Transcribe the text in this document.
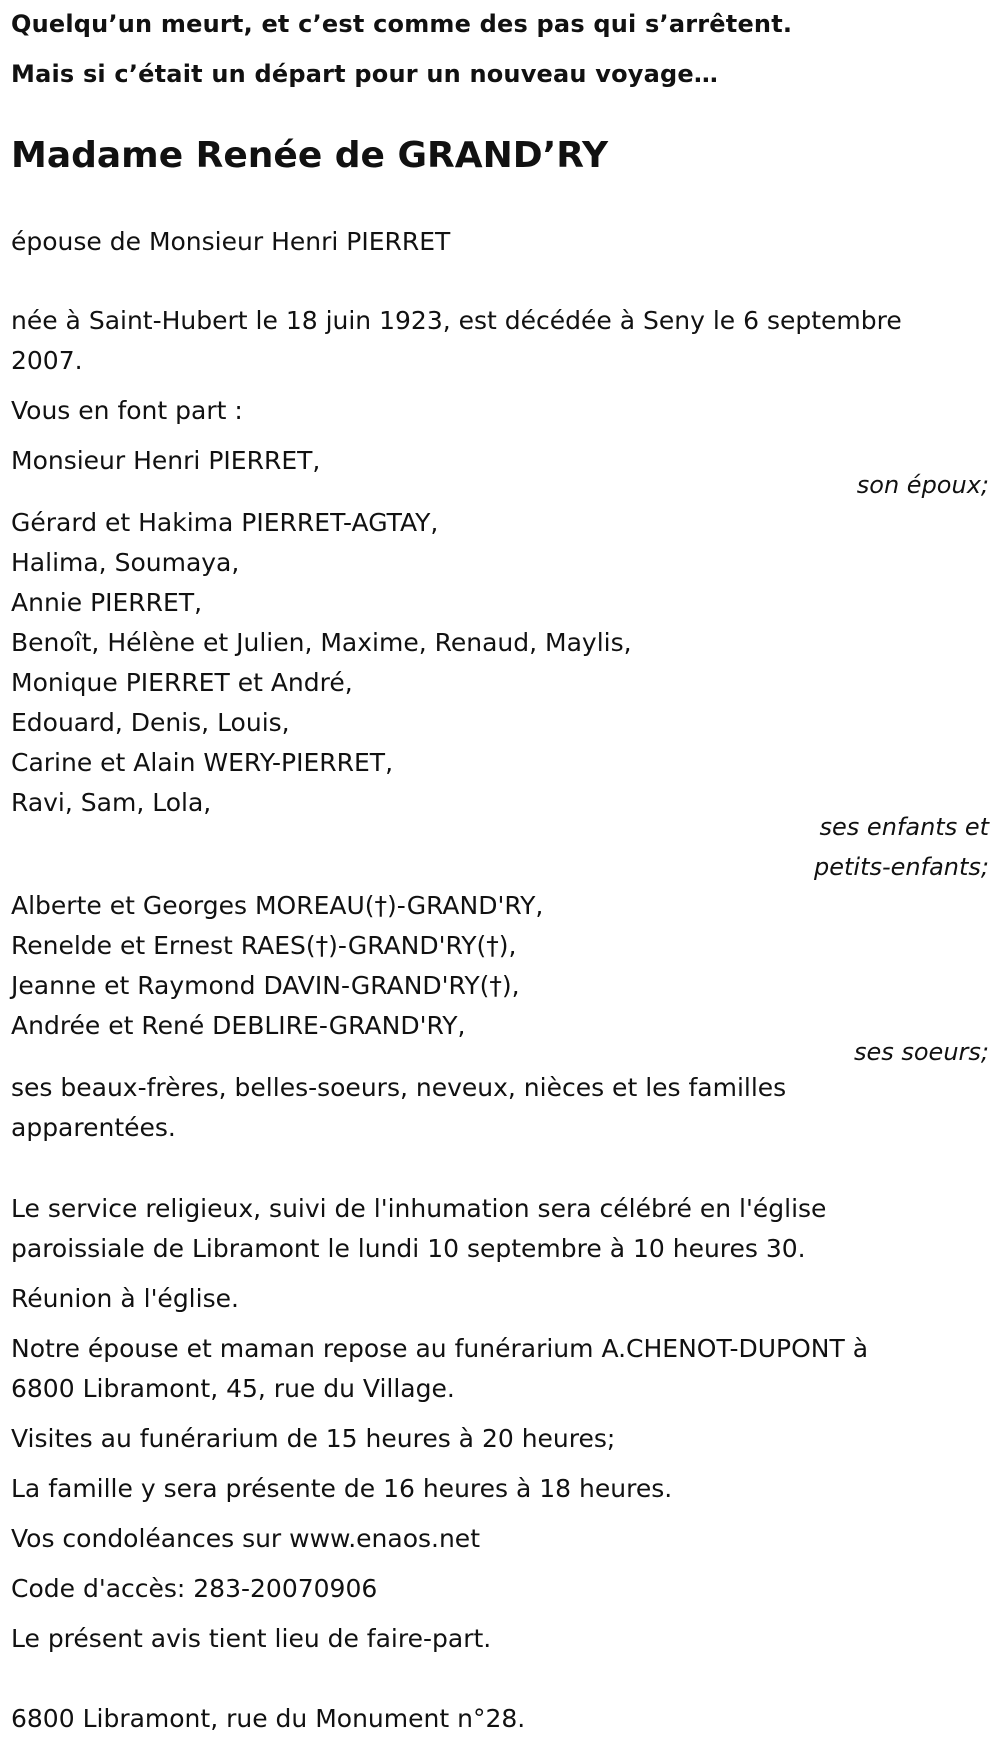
Quelqu’un meurt, et c’est comme des pas qui s’arrêtent.
Mais si c’était un départ pour un nouveau voyage…
Madame Renée de GRAND’RY
épouse de Monsieur Henri PIERRET
née à Saint-Hubert le 18 juin 1923, est décédée à Seny le 6 septembre
2007.
Vous en font part :
Monsieur Henri PIERRET,
son époux;
Gérard et Hakima PIERRET-AGTAY,
Halima, Soumaya,
Annie PIERRET,
Benoît, Hélène et Julien, Maxime, Renaud, Maylis,
Monique PIERRET et André,
Edouard, Denis, Louis,
Carine et Alain WERY-PIERRET,
Ravi, Sam, Lola,
ses enfants et
petits-enfants;
Alberte et Georges MOREAU(†)-GRAND'RY,
Renelde et Ernest RAES(†)-GRAND'RY(†),
Jeanne et Raymond DAVIN-GRAND'RY(†),
Andrée et René DEBLIRE-GRAND'RY,
ses soeurs;
ses beaux-frères, belles-soeurs, neveux, nièces et les familles
apparentées.
Le service religieux, suivi de l'inhumation sera célébré en l'église
paroissiale de Libramont le lundi 10 septembre à 10 heures 30.
Réunion à l'église.
Notre épouse et maman repose au funérarium A.CHENOT-DUPONT à
6800 Libramont, 45, rue du Village.
Visites au funérarium de 15 heures à 20 heures;
La famille y sera présente de 16 heures à 18 heures.
Vos condoléances sur www.enaos.net
Code d'accès: 283-20070906
Le présent avis tient lieu de faire-part.
6800 Libramont, rue du Monument n°28.
